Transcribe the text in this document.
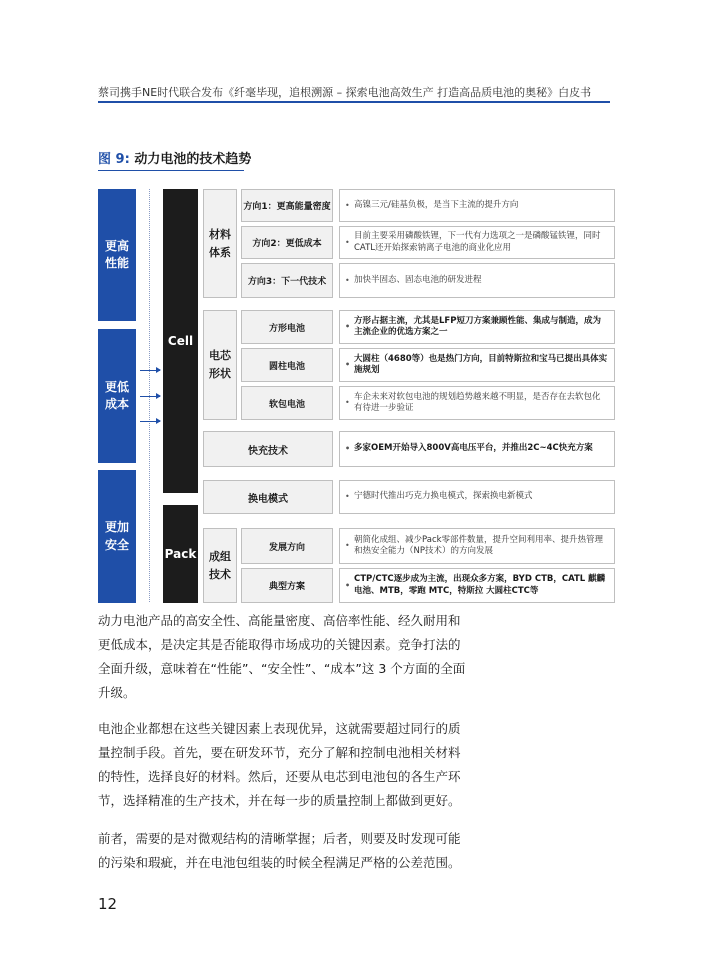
蔡司携手NE时代联合发布《纤毫毕现，追根溯源 – 探索电池高效生产 打造高品质电池的奥秘》白皮书
图 9: 动力电池的技术趋势
更高性能
更低成本
更加安全
Cell
Pack
材料体系
电芯形状
成组技术
方向1：更高能量密度
方向2：更低成本
方向3：下一代技术
方形电池
圆柱电池
软包电池
快充技术
换电模式
发展方向
典型方案
• 高镍三元/硅基负极，是当下主流的提升方向
• 目前主要采用磷酸铁锂，下一代有力选项之一是磷酸锰铁锂，同时CATL还开始探索钠离子电池的商业化应用
• 加快半固态、固态电池的研发进程
• 方形占据主流，尤其是LFP短刀方案兼顾性能、集成与制造，成为主流企业的优选方案之一
• 大圆柱（4680等）也是热门方向，目前特斯拉和宝马已提出具体实施规划
• 车企未来对软包电池的规划趋势越来越不明显，是否存在去软包化有待进一步验证
• 多家OEM开始导入800V高电压平台，并推出2C~4C快充方案
• 宁德时代推出巧克力换电模式，探索换电新模式
• 朝简化成组、减少Pack零部件数量，提升空间利用率、提升热管理和热安全能力（NP技术）的方向发展
• CTP/CTC逐步成为主流，出现众多方案，BYD CTB，CATL 麒麟电池、MTB，零跑 MTC，特斯拉 大圆柱CTC等

动力电池产品的高安全性、高能量密度、高倍率性能、经久耐用和更低成本，是决定其是否能取得市场成功的关键因素。竞争打法的全面升级，意味着在“性能”、“安全性”、“成本”这 3 个方面的全面升级。

电池企业都想在这些关键因素上表现优异，这就需要超过同行的质量控制手段。首先，要在研发环节，充分了解和控制电池相关材料的特性，选择良好的材料。然后，还要从电芯到电池包的各生产环节，选择精准的生产技术，并在每一步的质量控制上都做到更好。

前者，需要的是对微观结构的清晰掌握；后者，则要及时发现可能的污染和瑕疵，并在电池包组装的时候全程满足严格的公差范围。

12
